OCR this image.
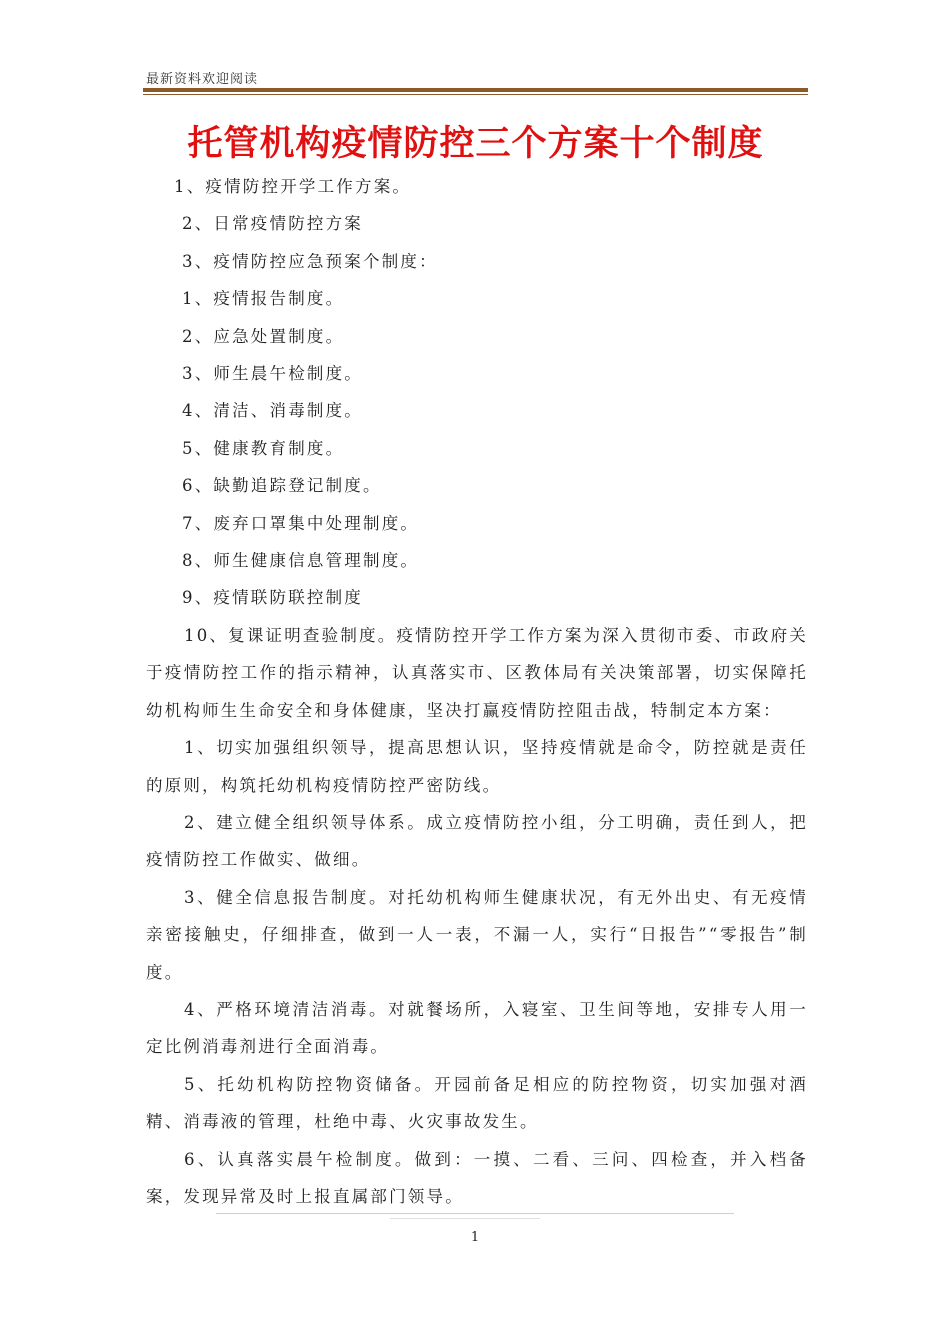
最新资料欢迎阅读
托管机构疫情防控三个方案十个制度
1、疫情防控开学工作方案。
2、日常疫情防控方案
3、疫情防控应急预案个制度：
1、疫情报告制度。
2、应急处置制度。
3、师生晨午检制度。
4、清洁、消毒制度。
5、健康教育制度。
6、缺勤追踪登记制度。
7、废弃口罩集中处理制度。
8、师生健康信息管理制度。
9、疫情联防联控制度

10、复课证明查验制度。疫情防控开学工作方案为深入贯彻市委、市政府关于疫情防控工作的指示精神，认真落实市、区教体局有关决策部署，切实保障托幼机构师生生命安全和身体健康，坚决打赢疫情防控阻击战，特制定本方案：

1、切实加强组织领导，提高思想认识，坚持疫情就是命令，防控就是责任的原则，构筑托幼机构疫情防控严密防线。

2、建立健全组织领导体系。成立疫情防控小组，分工明确，责任到人，把疫情防控工作做实、做细。

3、健全信息报告制度。对托幼机构师生健康状况，有无外出史、有无疫情亲密接触史，仔细排查，做到一人一表，不漏一人，实行“日报告”“零报告”制度。

4、严格环境清洁消毒。对就餐场所，入寝室、卫生间等地，安排专人用一定比例消毒剂进行全面消毒。

5、托幼机构防控物资储备。开园前备足相应的防控物资，切实加强对酒精、消毒液的管理，杜绝中毒、火灾事故发生。

6、认真落实晨午检制度。做到：一摸、二看、三问、四检查，并入档备案，发现异常及时上报直属部门领导。

1
